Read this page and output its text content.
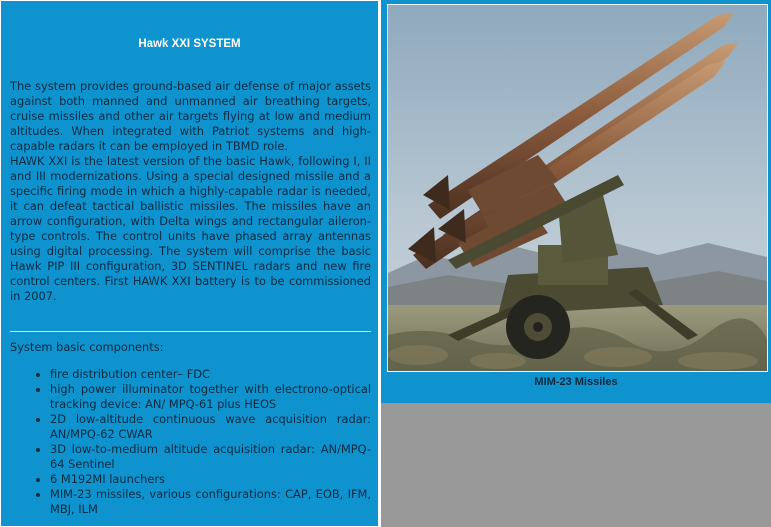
Hawk XXI SYSTEM

The system provides ground-based air defense of major assets against both manned and unmanned air breathing targets, cruise missiles and other air targets flying at low and medium altitudes. When integrated with Patriot systems and high-capable radars it can be employed in TBMD role.

HAWK XXI is the latest version of the basic Hawk, following I, II and III modernizations. Using a special designed missile and a specific firing mode in which a highly-capable radar is needed, it can defeat tactical ballistic missiles. The missiles have an arrow configuration, with Delta wings and rectangular aileron-type controls. The control units have phased array antennas using digital processing. The system will comprise the basic Hawk PIP III configuration, 3D SENTINEL radars and new fire control centers. First HAWK XXI battery is to be commissioned in 2007.

System basic components:
• fire distribution center– FDC
• high power illuminator together with electrono-optical tracking device: AN/ MPQ-61 plus HEOS
• 2D low-altitude continuous wave acquisition radar: AN/MPQ-62 CWAR
• 3D low-to-medium altitude acquisition radar: AN/MPQ-64 Sentinel
• 6 M192MI launchers
• MIM-23 missiles, various configurations: CAP, EOB, IFM, MBJ, ILM
MIM-23 Missiles
